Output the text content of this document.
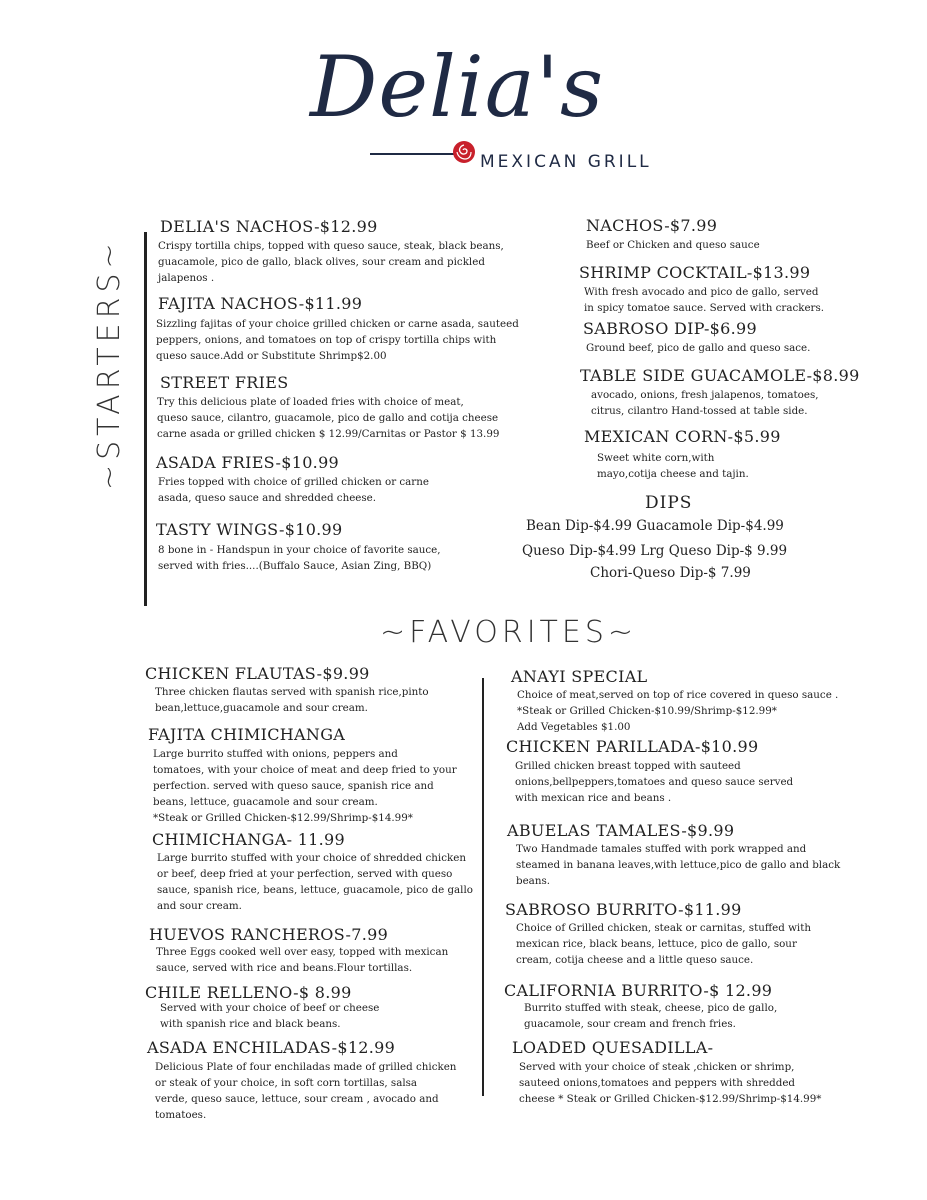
Delia's
MEXICAN GRILL
~STARTERS~
DELIA'S NACHOS-$12.99
Crispy tortilla chips, topped with queso sauce, steak, black beans,
guacamole, pico de gallo, black olives, sour cream and pickled
jalapenos .
FAJITA NACHOS-$11.99
Sizzling fajitas of your choice grilled chicken or carne asada, sauteed
peppers, onions, and tomatoes on top of crispy tortilla chips with
queso sauce.Add or Substitute Shrimp$2.00
STREET FRIES
Try this delicious plate of loaded fries with choice of meat,
queso sauce, cilantro, guacamole, pico de gallo and cotija cheese
carne asada or grilled chicken $ 12.99/Carnitas or Pastor $ 13.99
ASADA FRIES-$10.99
Fries topped with choice of grilled chicken or carne
asada, queso sauce and shredded cheese.
TASTY WINGS-$10.99
8 bone in - Handspun in your choice of favorite sauce,
served with fries....(Buffalo Sauce, Asian Zing, BBQ)
NACHOS-$7.99
Beef or Chicken and queso sauce
SHRIMP COCKTAIL-$13.99
With fresh avocado and pico de gallo, served
in spicy tomatoe sauce. Served with crackers.
SABROSO DIP-$6.99
Ground beef, pico de gallo and queso sace.
TABLE SIDE GUACAMOLE-$8.99
avocado, onions, fresh jalapenos, tomatoes,
citrus, cilantro Hand-tossed at table side.
MEXICAN CORN-$5.99
Sweet white corn,with
mayo,cotija cheese and tajin.
DIPS
Bean Dip-$4.99 Guacamole Dip-$4.99
Queso Dip-$4.99 Lrg Queso Dip-$ 9.99
Chori-Queso Dip-$ 7.99
~FAVORITES~
CHICKEN FLAUTAS-$9.99
Three chicken flautas served with spanish rice,pinto
bean,lettuce,guacamole and sour cream.
FAJITA CHIMICHANGA
Large burrito stuffed with onions, peppers and
tomatoes, with your choice of meat and deep fried to your
perfection. served with queso sauce, spanish rice and
beans, lettuce, guacamole and sour cream.
*Steak or Grilled Chicken-$12.99/Shrimp-$14.99*
CHIMICHANGA- 11.99
Large burrito stuffed with your choice of shredded chicken
or beef, deep fried at your perfection, served with queso
sauce, spanish rice, beans, lettuce, guacamole, pico de gallo
and sour cream.
HUEVOS RANCHEROS-7.99
Three Eggs cooked well over easy, topped with mexican
sauce, served with rice and beans.Flour tortillas.
CHILE RELLENO-$ 8.99
Served with your choice of beef or cheese
with spanish rice and black beans.
ASADA ENCHILADAS-$12.99
Delicious Plate of four enchiladas made of grilled chicken
or steak of your choice, in soft corn tortillas, salsa
verde, queso sauce, lettuce, sour cream , avocado and
tomatoes.
ANAYI SPECIAL
Choice of meat,served on top of rice covered in queso sauce .
*Steak or Grilled Chicken-$10.99/Shrimp-$12.99*
Add Vegetables $1.00
CHICKEN PARILLADA-$10.99
Grilled chicken breast topped with sauteed
onions,bellpeppers,tomatoes and queso sauce served
with mexican rice and beans .
ABUELAS TAMALES-$9.99
Two Handmade tamales stuffed with pork wrapped and
steamed in banana leaves,with lettuce,pico de gallo and black
beans.
SABROSO BURRITO-$11.99
Choice of Grilled chicken, steak or carnitas, stuffed with
mexican rice, black beans, lettuce, pico de gallo, sour
cream, cotija cheese and a little queso sauce.
CALIFORNIA BURRITO-$ 12.99
Burrito stuffed with steak, cheese, pico de gallo,
guacamole, sour cream and french fries.
LOADED QUESADILLA-
Served with your choice of steak ,chicken or shrimp,
sauteed onions,tomatoes and peppers with shredded
cheese * Steak or Grilled Chicken-$12.99/Shrimp-$14.99*
